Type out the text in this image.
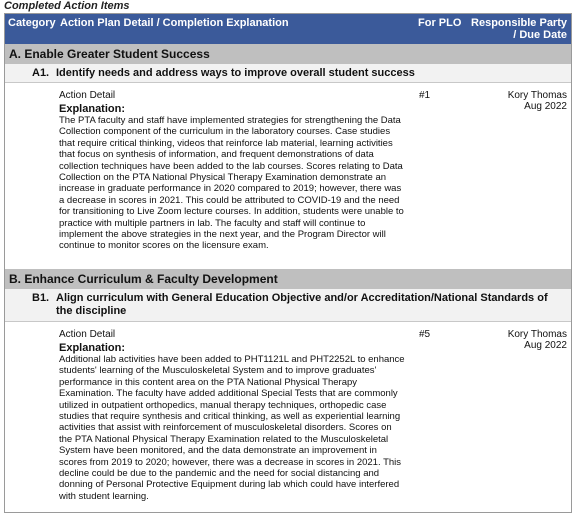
Completed Action Items
Category Action Plan Detail / Completion Explanation	For PLO Responsible Party
/ Due Date
A. Enable Greater Student Success
A1. Identify needs and address ways to improve overall student success
Action Detail
Explanation:
The PTA faculty and staff have implemented strategies for strengthening the Data Collection component of the curriculum in the laboratory courses. Case studies that require critical thinking, videos that reinforce lab material, learning activities that focus on synthesis of information, and frequent demonstrations of data collection techniques have been added to the lab courses. Scores relating to Data Collection on the PTA National Physical Therapy Examination demonstrate an increase in graduate performance in 2020 compared to 2019; however, there was a decrease in scores in 2021. This could be attributed to COVID-19 and the need for transitioning to Live Zoom lecture courses. In addition, students were unable to practice with multiple partners in lab. The faculty and staff will continue to implement the above strategies in the next year, and the Program Director will continue to monitor scores on the licensure exam.
#1	Kory Thomas
Aug 2022
B. Enhance Curriculum & Faculty Development
B1. Align curriculum with General Education Objective and/or Accreditation/National Standards of the discipline
Action Detail
Explanation:
Additional lab activities have been added to PHT1121L and PHT2252L to enhance students' learning of the Musculoskeletal System and to improve graduates' performance in this content area on the PTA National Physical Therapy Examination. The faculty have added additional Special Tests that are commonly utilized in outpatient orthopedics, manual therapy techniques, orthopedic case studies that require synthesis and critical thinking, as well as experiential learning activities that assist with reinforcement of musculoskeletal disorders. Scores on the PTA National Physical Therapy Examination related to the Musculoskeletal System have been monitored, and the data demonstrate an improvement in scores from 2019 to 2020; however, there was a decrease in scores in 2021. This decline could be due to the pandemic and the need for social distancing and donning of Personal Protective Equipment during lab which could have interfered with student learning.
#5	Kory Thomas
Aug 2022
